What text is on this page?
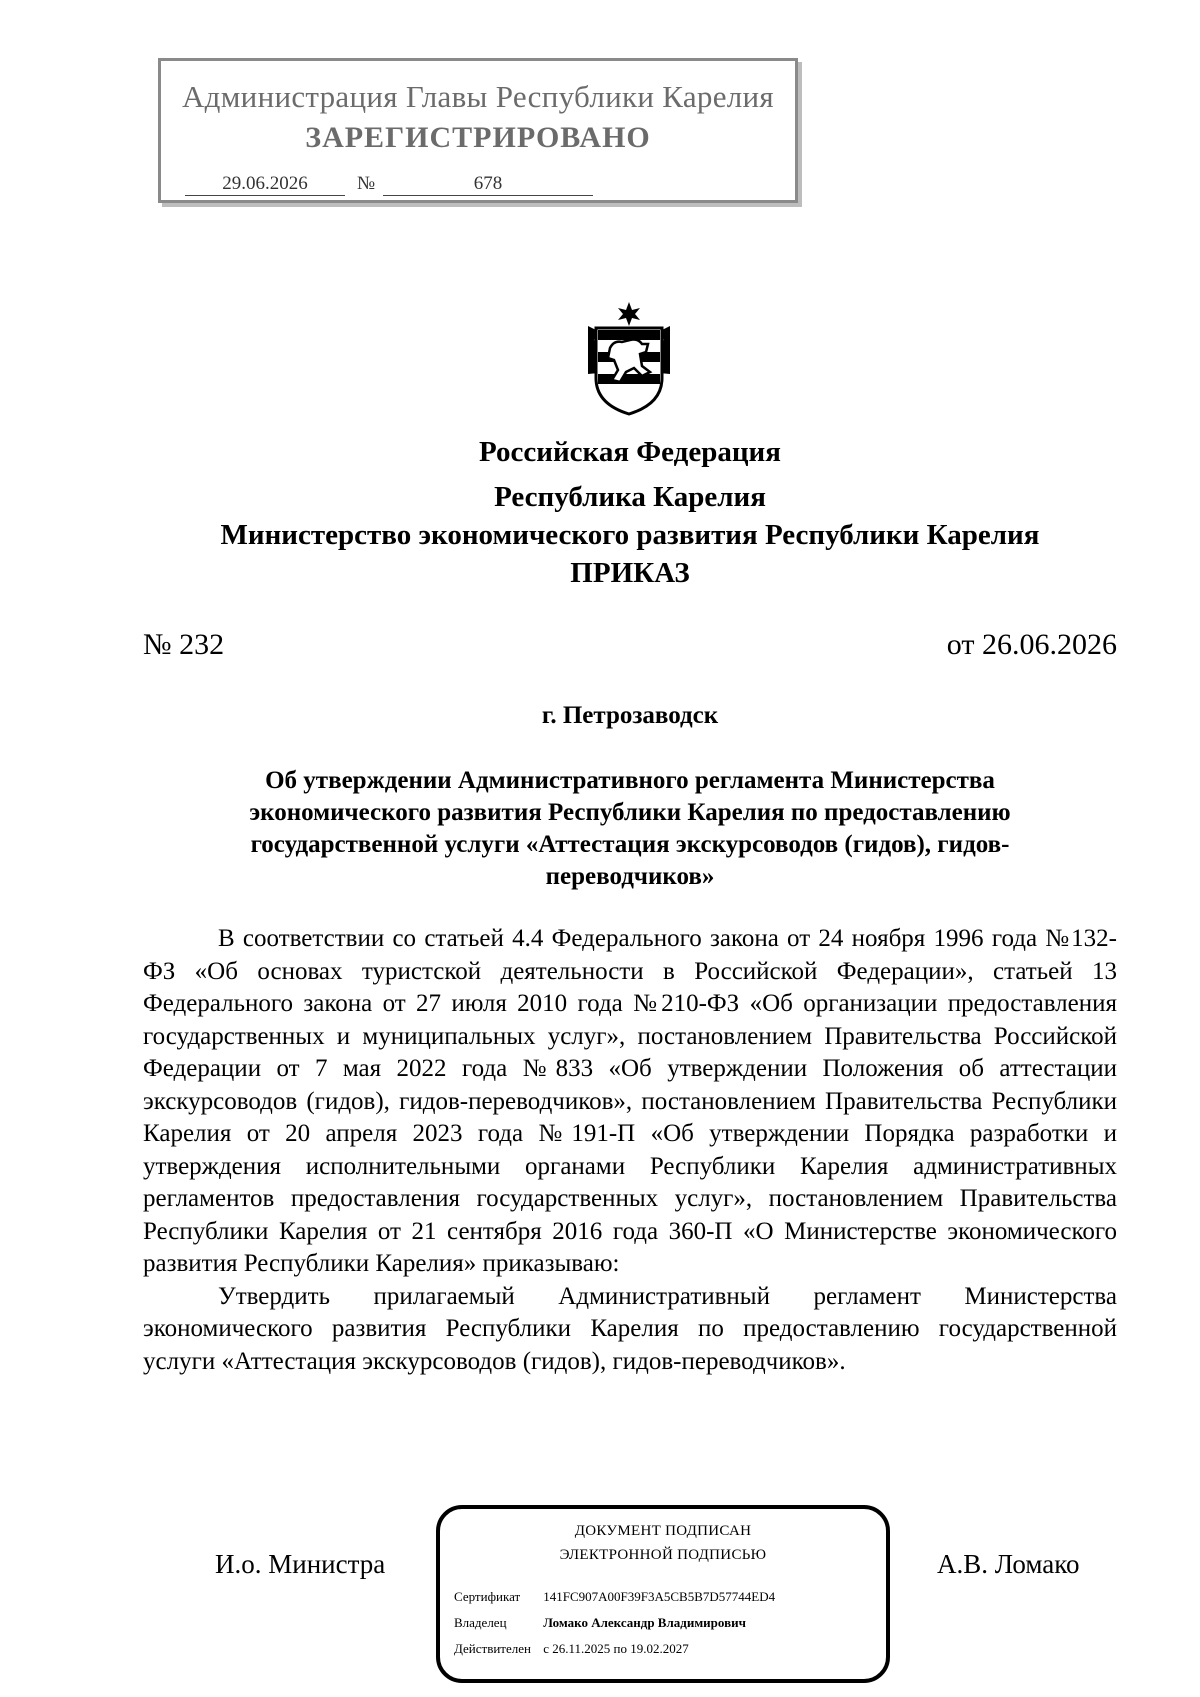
Администрация Главы Республики Карелия
ЗАРЕГИСТРИРОВАНО
29.06.2026	№	678
Российская Федерация
Республика Карелия
Министерство экономического развития Республики Карелия
ПРИКАЗ
№ 232	от 26.06.2026
г. Петрозаводск
Об утверждении Административного регламента Министерства экономического развития Республики Карелия по предоставлению государственной услуги «Аттестация экскурсоводов (гидов), гидов-переводчиков»

В соответствии со статьей 4.4 Федерального закона от 24 ноября 1996 года №132-ФЗ «Об основах туристской деятельности в Российской Федерации», статьей 13 Федерального закона от 27 июля 2010 года №210-ФЗ «Об организации предоставления государственных и муниципальных услуг», постановлением Правительства Российской Федерации от 7 мая 2022 года №833 «Об утверждении Положения об аттестации экскурсоводов (гидов), гидов-переводчиков», постановлением Правительства Республики Карелия от 20 апреля 2023 года №191-П «Об утверждении Порядка разработки и утверждения исполнительными органами Республики Карелия административных регламентов предоставления государственных услуг», постановлением Правительства Республики Карелия от 21 сентября 2016 года 360-П «О Министерстве экономического развития Республики Карелия» приказываю:

Утвердить прилагаемый Административный регламент Министерства экономического развития Республики Карелия по предоставлению государственной услуги «Аттестация экскурсоводов (гидов), гидов-переводчиков».

И.о. Министра	А.В. Ломако
ДОКУМЕНТ ПОДПИСАН
ЭЛЕКТРОННОЙ ПОДПИСЬЮ
Сертификат 141FC907A00F39F3A5CB5B7D57744ED4
Владелец	Ломако Александр Владимирович
Действителен с 26.11.2025 по 19.02.2027
